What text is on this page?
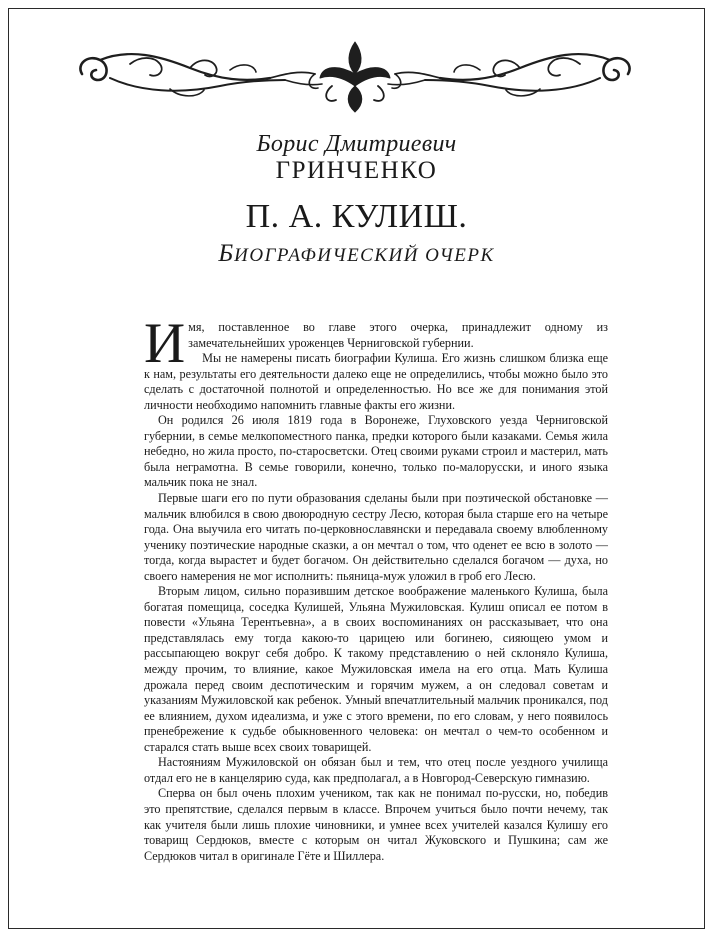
Борис Дмитриевич
ГРИНЧЕНКО
П. А. КУЛИШ.
БИОГРАФИЧЕСКИЙ ОЧЕРК

Имя, поставленное во главе этого очерка, принадлежит одному из замечательнейших уроженцев Черниговской губернии.

Мы не намерены писать биографии Кулиша. Его жизнь слишком близка еще к нам, результаты его деятельности далеко еще не определились, чтобы можно было это сделать с достаточной полнотой и определенностью. Но все же для понимания этой личности необходимо напомнить главные факты его жизни.

Он родился 26 июля 1819 года в Воронеже, Глуховского уезда Черниговской губернии, в семье мелкопоместного панка, предки которого были казаками. Семья жила небедно, но жила просто, по-старосветски. Отец своими руками строил и мастерил, мать была неграмотна. В семье говорили, конечно, только по-малорусски, и иного языка мальчик пока не знал.

Первые шаги его по пути образования сделаны были при поэтической обстановке — мальчик влюбился в свою двоюродную сестру Лесю, которая была старше его на четыре года. Она выучила его читать по-церковнославянски и передавала своему влюбленному ученику поэтические народные сказки, а он мечтал о том, что оденет ее всю в золото — тогда, когда вырастет и будет богачом. Он действительно сделался богачом — духа, но своего намерения не мог исполнить: пьяница-муж уложил в гроб его Лесю.

Вторым лицом, сильно поразившим детское воображение маленького Кулиша, была богатая помещица, соседка Кулишей, Ульяна Мужиловская. Кулиш описал ее потом в повести «Ульяна Терентьевна», а в своих воспоминаниях он рассказывает, что она представлялась ему тогда какою-то царицею или богинею, сияющею умом и рассыпающею вокруг себя добро. К такому представлению о ней склоняло Кулиша, между прочим, то влияние, какое Мужиловская имела на его отца. Мать Кулиша дрожала перед своим деспотическим и горячим мужем, а он следовал советам и указаниям Мужиловской как ребенок. Умный впечатлительный мальчик проникался, под ее влиянием, духом идеализма, и уже с этого времени, по его словам, у него появилось пренебрежение к судьбе обыкновенного человека: он мечтал о чем-то особенном и старался стать выше всех своих товарищей.

Настояниям Мужиловской он обязан был и тем, что отец после уездного училища отдал его не в канцелярию суда, как предполагал, а в Новгород-Северскую гимназию.

Сперва он был очень плохим учеником, так как не понимал по-русски, но, победив это препятствие, сделался первым в классе. Впрочем учиться было почти нечему, так как учителя были лишь плохие чиновники, и умнее всех учителей казался Кулишу его товарищ Сердюков, вместе с которым он читал Жуковского и Пушкина; сам же Сердюков читал в оригинале Гёте и Шиллера.
